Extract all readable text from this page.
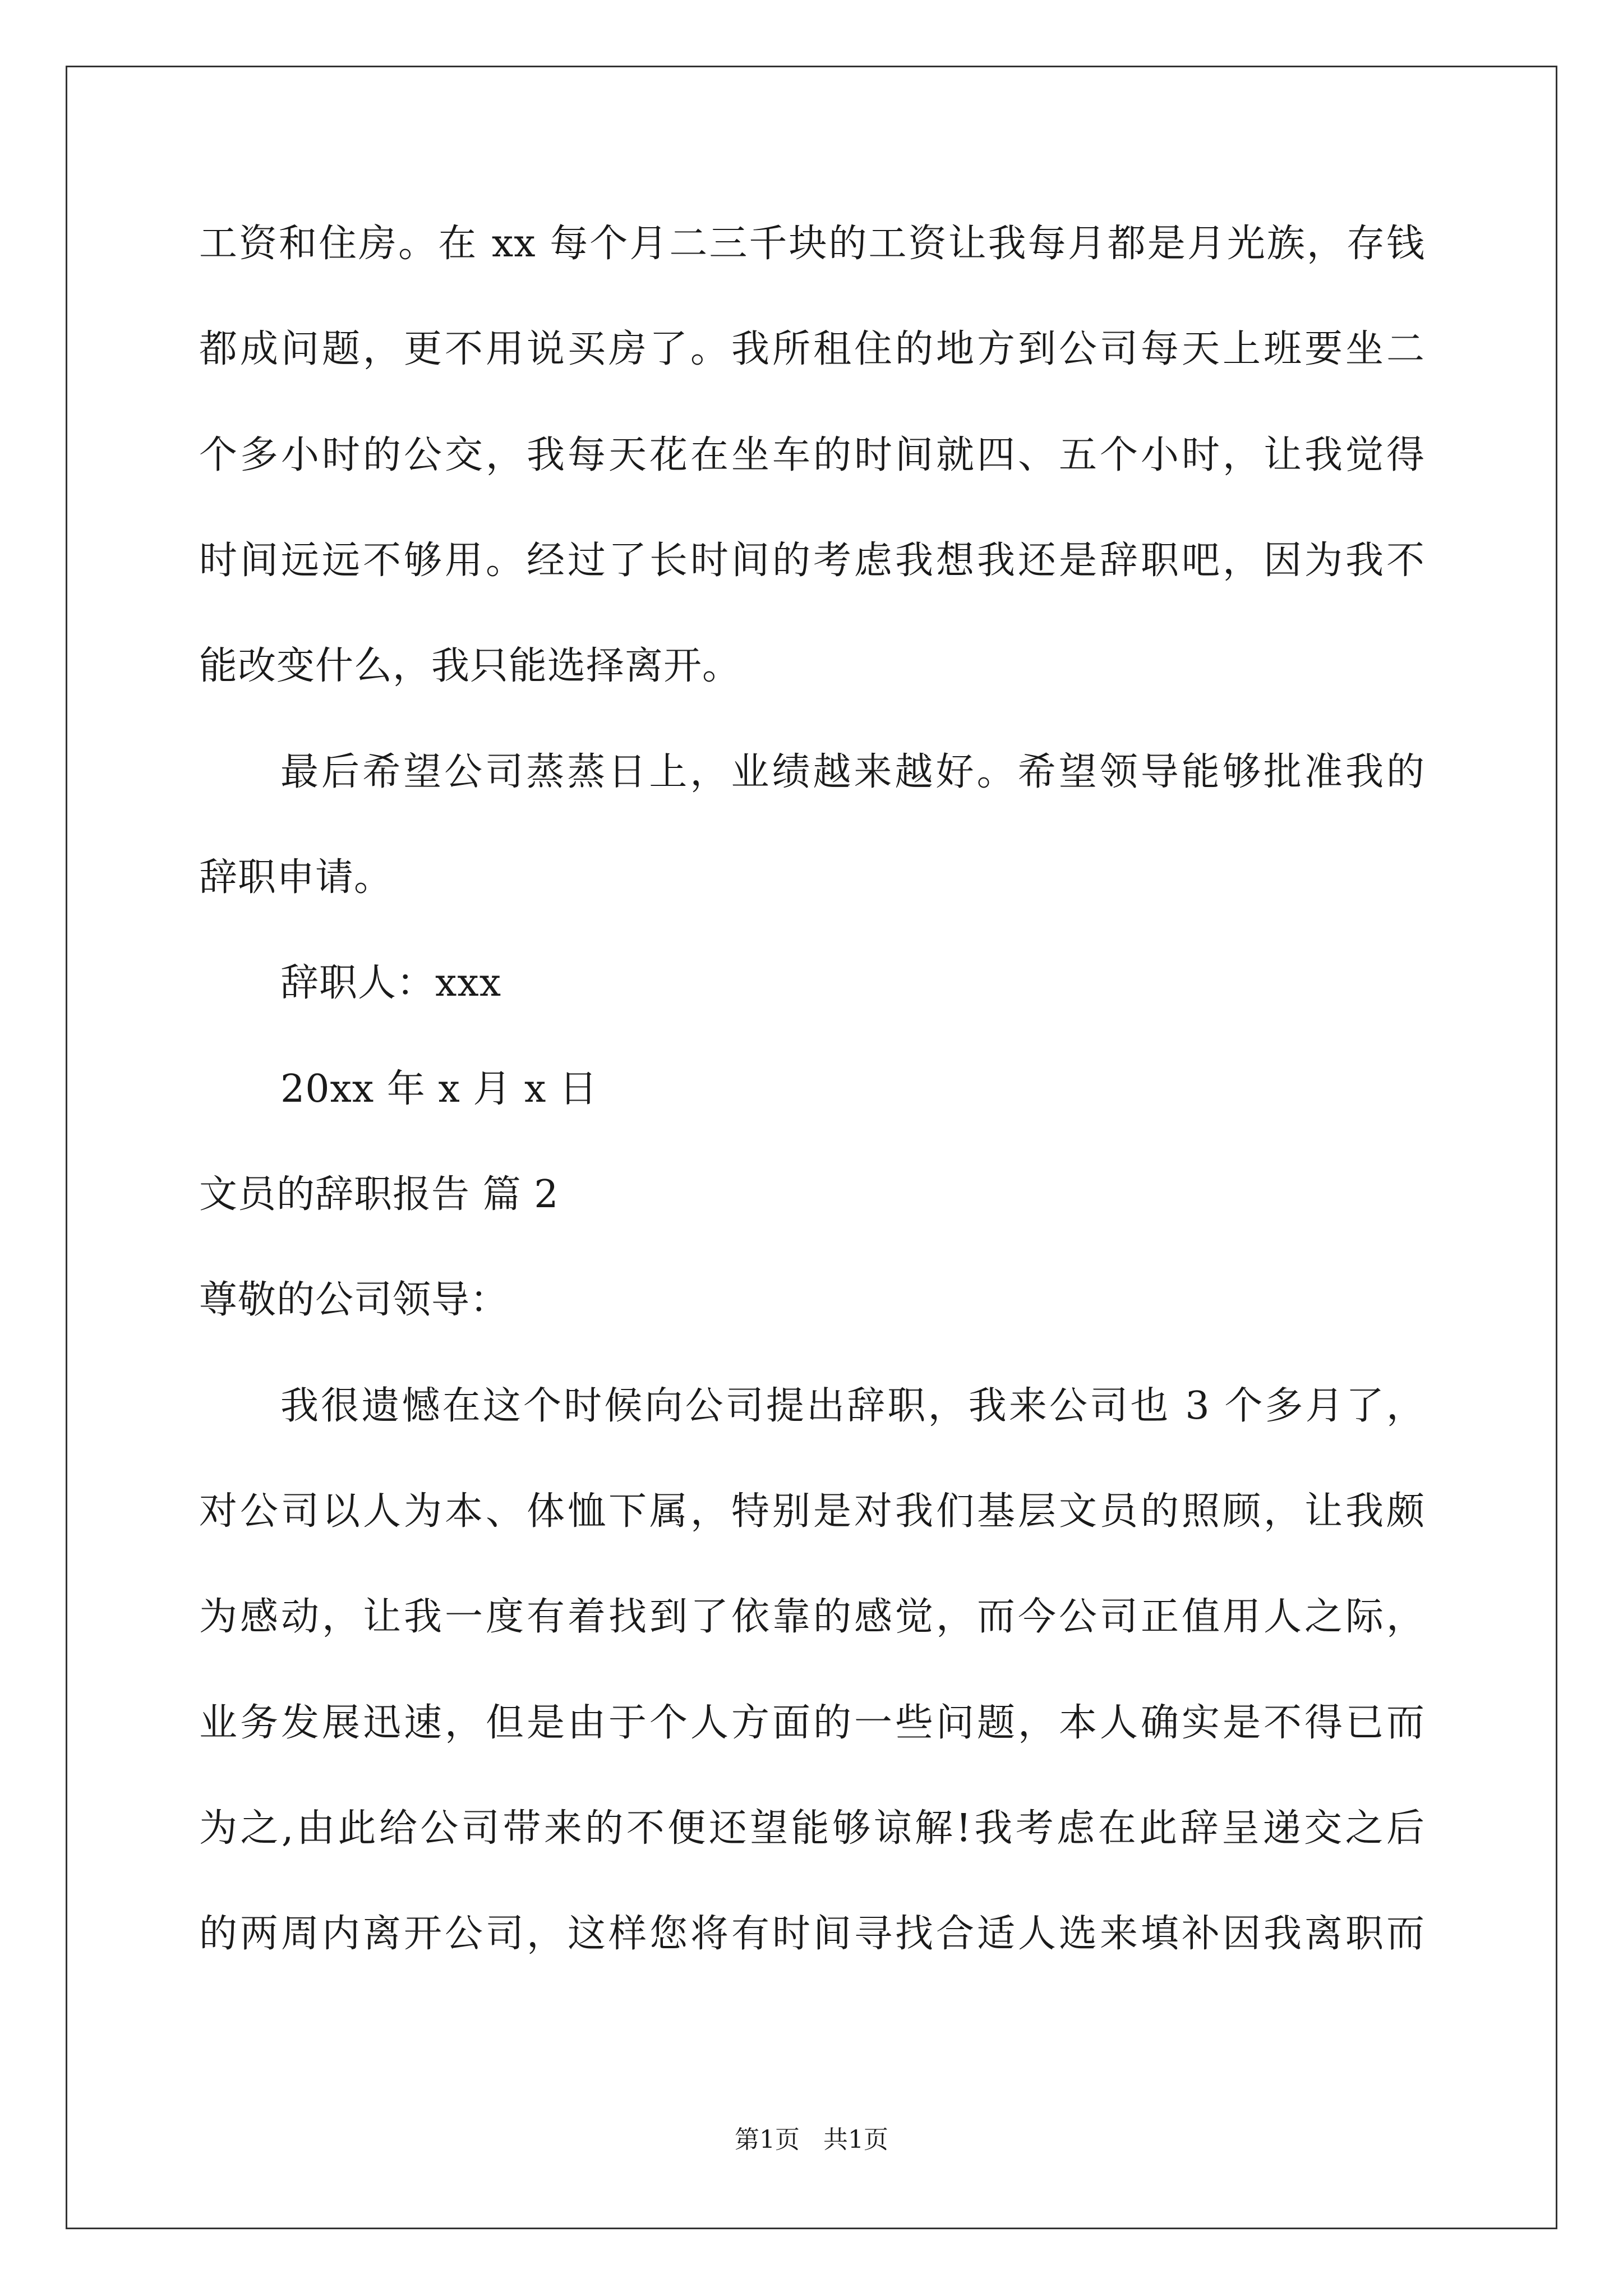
工资和住房。在 xx 每个月二三千块的工资让我每月都是月光族，存钱
都成问题，更不用说买房了。我所租住的地方到公司每天上班要坐二
个多小时的公交，我每天花在坐车的时间就四、五个小时，让我觉得
时间远远不够用。经过了长时间的考虑我想我还是辞职吧，因为我不
能改变什么，我只能选择离开。
最后希望公司蒸蒸日上，业绩越来越好。希望领导能够批准我的
辞职申请。
辞职人：xxx
20xx 年 x 月 x 日
文员的辞职报告 篇 2
尊敬的公司领导：
我很遗憾在这个时候向公司提出辞职，我来公司也 3 个多月了，
对公司以人为本、体恤下属，特别是对我们基层文员的照顾，让我颇
为感动，让我一度有着找到了依靠的感觉，而今公司正值用人之际，
业务发展迅速，但是由于个人方面的一些问题，本人确实是不得已而
为之,由此给公司带来的不便还望能够谅解!我考虑在此辞呈递交之后
的两周内离开公司，这样您将有时间寻找合适人选来填补因我离职而
第1页   共1页
